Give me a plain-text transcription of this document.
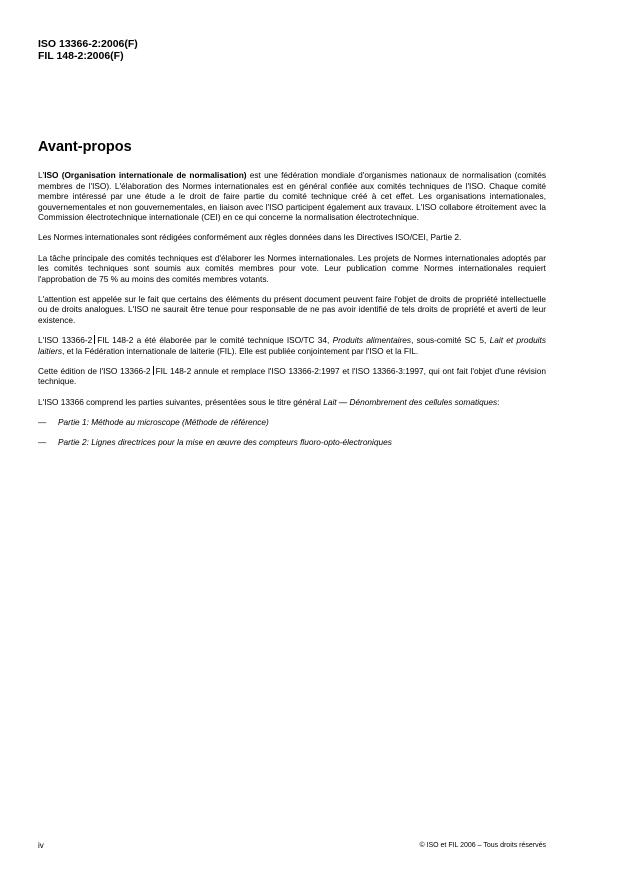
ISO 13366-2:2006(F)
FIL 148-2:2006(F)
Avant-propos

L'ISO (Organisation internationale de normalisation) est une fédération mondiale d'organismes nationaux de normalisation (comités membres de l'ISO). L'élaboration des Normes internationales est en général confiée aux comités techniques de l'ISO. Chaque comité membre intéressé par une étude a le droit de faire partie du comité technique créé à cet effet. Les organisations internationales, gouvernementales et non gouvernementales, en liaison avec l'ISO participent également aux travaux. L'ISO collabore étroitement avec la Commission électrotechnique internationale (CEI) en ce qui concerne la normalisation électrotechnique.

Les Normes internationales sont rédigées conformément aux règles données dans les Directives ISO/CEI, Partie 2.

La tâche principale des comités techniques est d'élaborer les Normes internationales. Les projets de Normes internationales adoptés par les comités techniques sont soumis aux comités membres pour vote. Leur publication comme Normes internationales requiert l'approbation de 75 % au moins des comités membres votants.

L'attention est appelée sur le fait que certains des éléments du présent document peuvent faire l'objet de droits de propriété intellectuelle ou de droits analogues. L'ISO ne saurait être tenue pour responsable de ne pas avoir identifié de tels droits de propriété et averti de leur existence.

L'ISO 13366-2 FIL 148-2 a été élaborée par le comité technique ISO/TC 34, Produits alimentaires, sous-comité SC 5, Lait et produits laitiers, et la Fédération internationale de laiterie (FIL). Elle est publiée conjointement par l'ISO et la FIL.

Cette édition de l'ISO 13366-2 FIL 148-2 annule et remplace l'ISO 13366-2:1997 et l'ISO 13366-3:1997, qui ont fait l'objet d'une révision technique.

L'ISO 13366 comprend les parties suivantes, présentées sous le titre général Lait — Dénombrement des cellules somatiques:

— Partie 1: Méthode au microscope (Méthode de référence)

— Partie 2: Lignes directrices pour la mise en œuvre des compteurs fluoro-opto-électroniques

iv	© ISO et FIL 2006 – Tous droits réservés
